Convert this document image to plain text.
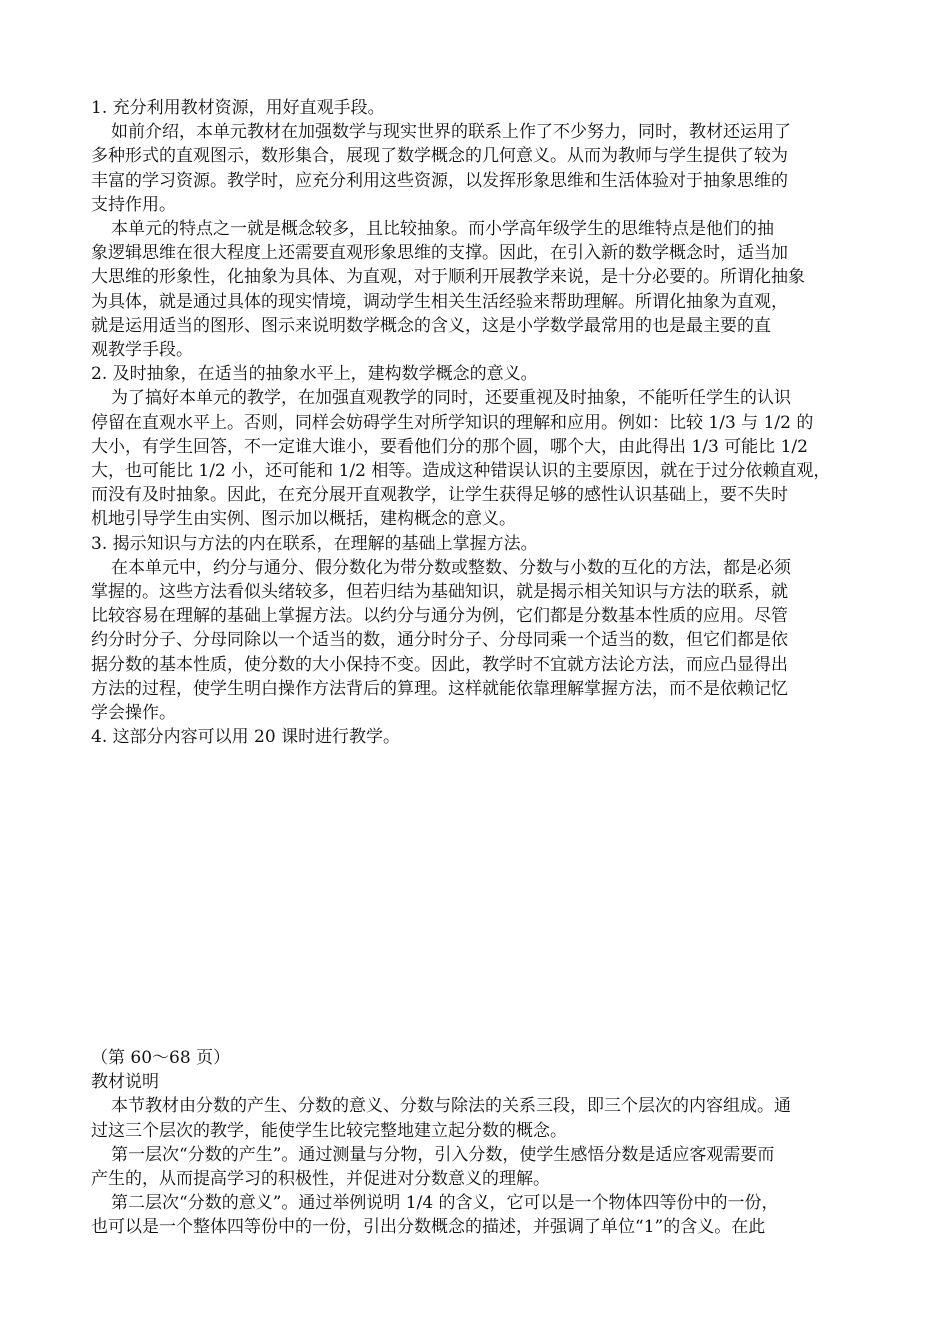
1. 充分利用教材资源，用好直观手段。

如前介绍，本单元教材在加强数学与现实世界的联系上作了不少努力，同时，教材还运用了

多种形式的直观图示，数形集合，展现了数学概念的几何意义。从而为教师与学生提供了较为

丰富的学习资源。教学时，应充分利用这些资源，以发挥形象思维和生活体验对于抽象思维的

支持作用。

本单元的特点之一就是概念较多，且比较抽象。而小学高年级学生的思维特点是他们的抽

象逻辑思维在很大程度上还需要直观形象思维的支撑。因此，在引入新的数学概念时，适当加

大思维的形象性，化抽象为具体、为直观，对于顺利开展教学来说，是十分必要的。所谓化抽象

为具体，就是通过具体的现实情境，调动学生相关生活经验来帮助理解。所谓化抽象为直观，

就是运用适当的图形、图示来说明数学概念的含义，这是小学数学最常用的也是最主要的直

观教学手段。

2. 及时抽象，在适当的抽象水平上，建构数学概念的意义。

为了搞好本单元的教学，在加强直观教学的同时，还要重视及时抽象，不能听任学生的认识

停留在直观水平上。否则，同样会妨碍学生对所学知识的理解和应用。例如：比较 1/3 与 1/2 的

大小，有学生回答，不一定谁大谁小，要看他们分的那个圆，哪个大，由此得出 1/3 可能比 1/2

大，也可能比 1/2 小，还可能和 1/2 相等。造成这种错误认识的主要原因，就在于过分依赖直观，

而没有及时抽象。因此，在充分展开直观教学，让学生获得足够的感性认识基础上，要不失时

机地引导学生由实例、图示加以概括，建构概念的意义。

3. 揭示知识与方法的内在联系，在理解的基础上掌握方法。

在本单元中，约分与通分、假分数化为带分数或整数、分数与小数的互化的方法，都是必须

掌握的。这些方法看似头绪较多，但若归结为基础知识，就是揭示相关知识与方法的联系，就

比较容易在理解的基础上掌握方法。以约分与通分为例，它们都是分数基本性质的应用。尽管

约分时分子、分母同除以一个适当的数，通分时分子、分母同乘一个适当的数，但它们都是依

据分数的基本性质，使分数的大小保持不变。因此，教学时不宜就方法论方法，而应凸显得出

方法的过程，使学生明白操作方法背后的算理。这样就能依靠理解掌握方法，而不是依赖记忆

学会操作。

4. 这部分内容可以用 20 课时进行教学。

（第 60～68 页）

教材说明

本节教材由分数的产生、分数的意义、分数与除法的关系三段，即三个层次的内容组成。通

过这三个层次的教学，能使学生比较完整地建立起分数的概念。

第一层次“分数的产生”。通过测量与分物，引入分数，使学生感悟分数是适应客观需要而

产生的，从而提高学习的积极性，并促进对分数意义的理解。

第二层次“分数的意义”。通过举例说明 1/4 的含义，它可以是一个物体四等份中的一份，

也可以是一个整体四等份中的一份，引出分数概念的描述，并强调了单位“1”的含义。在此
